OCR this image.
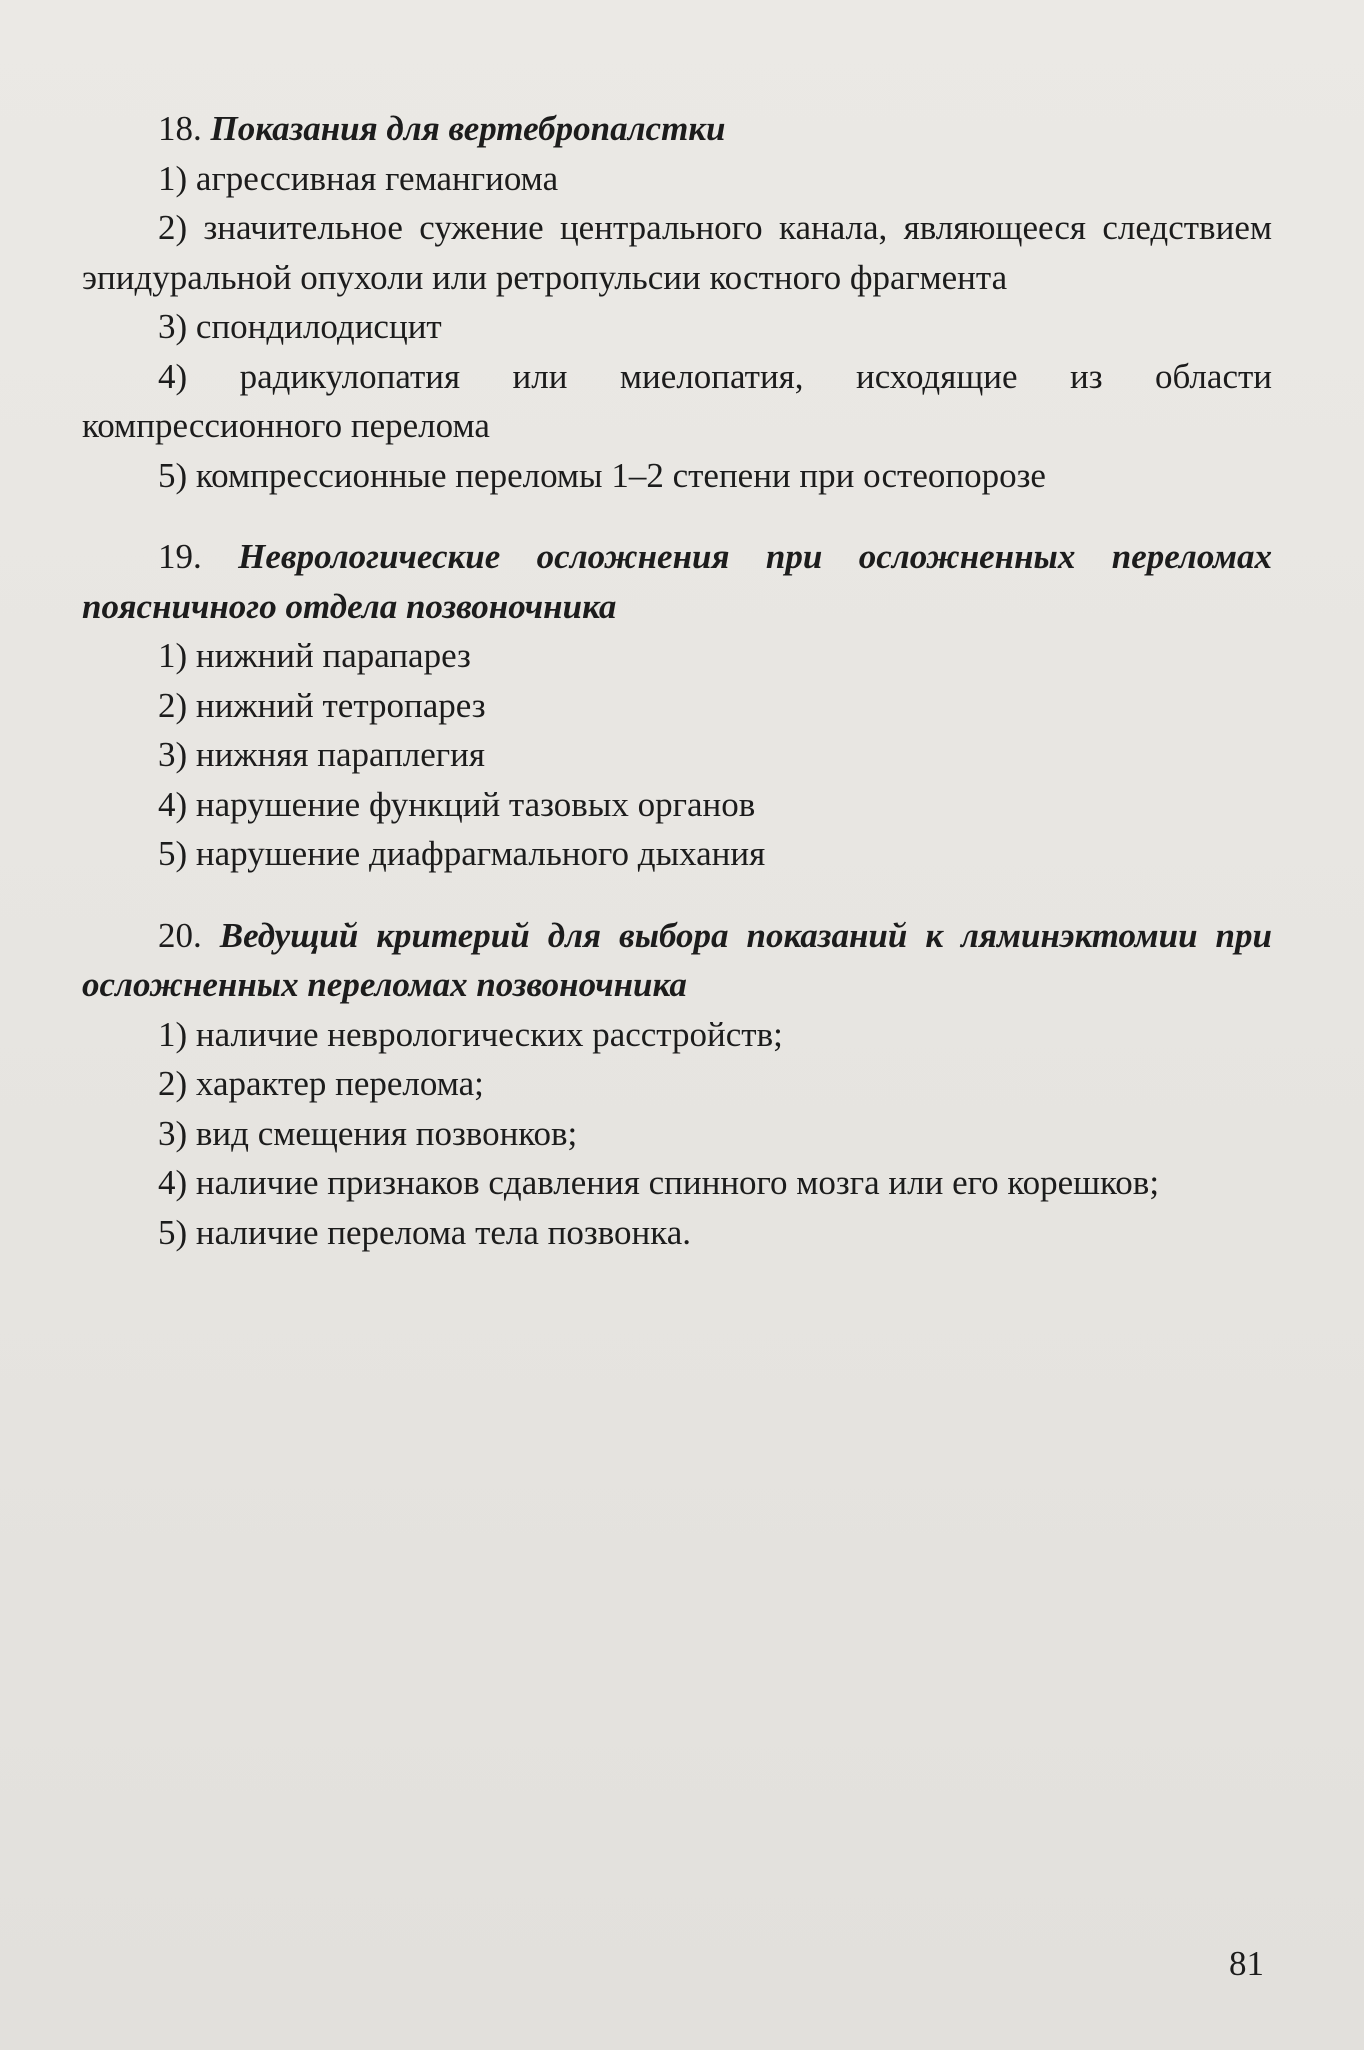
18. Показания для вертебропалстки

1) агрессивная гемангиома

2) значительное сужение центрального канала, являющееся следствием эпидуральной опухоли или ретропульсии костного фрагмента

3) спондилодисцит

4) радикулопатия или миелопатия, исходящие из области компрессионного перелома

5) компрессионные переломы 1–2 степени при остеопорозе

19. Неврологические осложнения при осложненных переломах поясничного отдела позвоночника

1) нижний парапарез

2) нижний тетропарез

3) нижняя параплегия

4) нарушение функций тазовых органов

5) нарушение диафрагмального дыхания

20. Ведущий критерий для выбора показаний к ляминэктомии при осложненных переломах позвоночника

1) наличие неврологических расстройств;

2) характер перелома;

3) вид смещения позвонков;

4) наличие признаков сдавления спинного мозга или его корешков;

5) наличие перелома тела позвонка.

81
